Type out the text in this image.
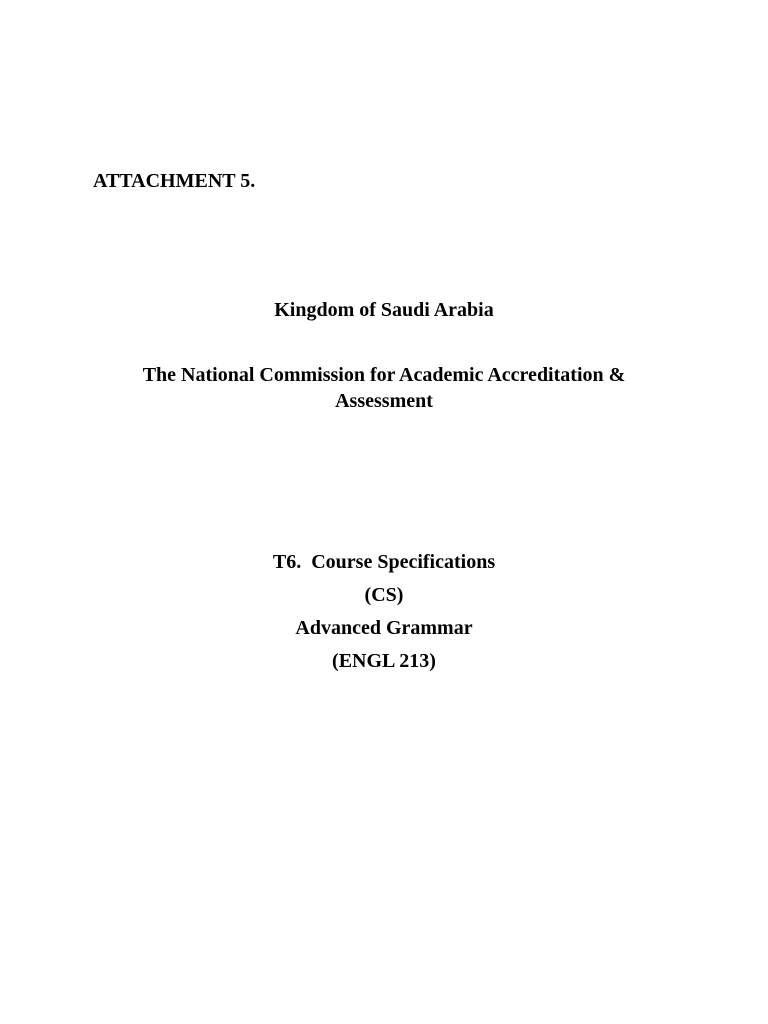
ATTACHMENT 5.
Kingdom of Saudi Arabia
The National Commission for Academic Accreditation &
Assessment
T6. Course Specifications
(CS)
Advanced Grammar
(ENGL 213)
